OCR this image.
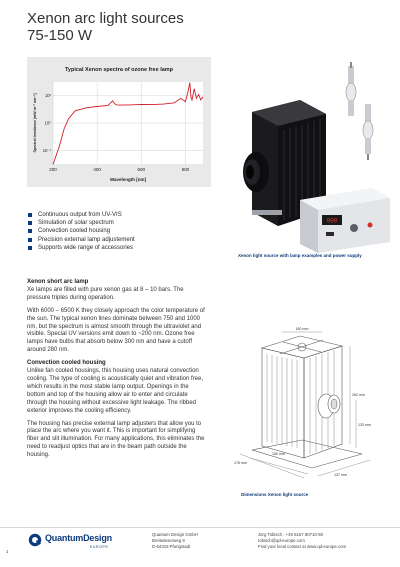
Xenon arc light sources
75-150 W
Typical Xenon spectra of ozone free lamp
200	400	600	800
10¹
10⁰
10⁻¹
Wavelength [nm]
Spectral Irradiance [mW m⁻² nm⁻¹]
000
Xenon light source with lamp examples and power supply
Continuous output from UV-VIS
Simulation of solar spectrum
Convection cooled housing
Precision external lamp adjustement
Supports wide range of accessories
Xenon short arc lamp

Xe lamps are filled with pure xenon gas at 8 – 10 bars. The pressure triples during operation.

With 6000 – 6500 K they closely approach the color temperature of the sun. The typical xenon lines dominate between 750 and 1000 nm, but the spectrum is almost smooth through the ultraviolet and visible. Special UV versions emit down to ~200 nm. Ozone free lamps have bulbs that absorb below 300 nm and have a cutoff around 280 nm.

Convection cooled housing

Unlike fan cooled housings, this housing uses natural convection cooling. The type of cooling is acoustically quiet and vibration free, which results in the most stable lamp output. Openings in the bottom and top of the housing allow air to enter and circulate through the housing without excessive light leakage. The ribbed exterior improves the cooling efficiency.

The housing has precise external lamp adjusters that allow you to place the arc where you want it. This is important for simplifying fiber and slit illumination. For many applications, this eliminates the need to readjust optics that are in the beam path outside the housing.

160 mm
262 mm
133 mm
150 mm
176 mm
137 mm
Dimensions Xenon light source
1
QuantumDesign
EUROPE
Quantum Design GmbH
Breitwieserweg 9
D-64319 Pfungstadt
Jörg Tobisch : +49 6157 80710-50
tobisch@qd-europe.com
Find your local contact at www.qd-europe.com
